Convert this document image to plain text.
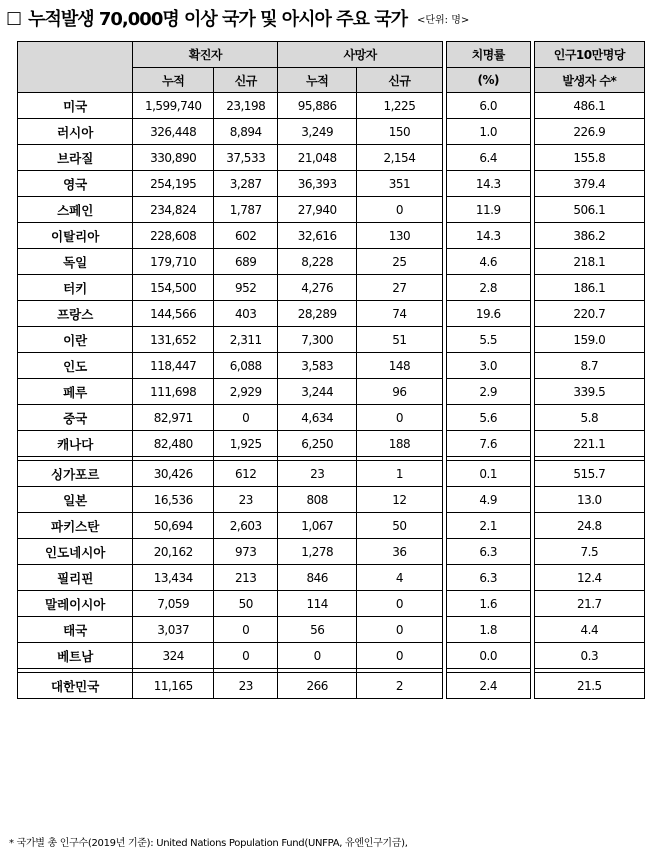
□ 누적발생 70,000명 이상 국가 및 아시아 주요 국가 <단위: 명>
	확진자		사망자			치명률		인구10만명당
	누적	신규	누적	신규		(%)		발생자 수*
미국	1,599,740	23,198	95,886	1,225		6.0		486.1
러시아	326,448	8,894	3,249	150		1.0		226.9
브라질	330,890	37,533	21,048	2,154		6.4		155.8
영국	254,195	3,287	36,393	351		14.3		379.4
스페인	234,824	1,787	27,940	0		11.9		506.1
이탈리아	228,608	602	32,616	130		14.3		386.2
독일	179,710	689	8,228	25		4.6		218.1
터키	154,500	952	4,276	27		2.8		186.1
프랑스	144,566	403	28,289	74		19.6		220.7
이란	131,652	2,311	7,300	51		5.5		159.0
인도	118,447	6,088	3,583	148		3.0		8.7
페루	111,698	2,929	3,244	96		2.9		339.5
중국	82,971	0	4,634	0		5.6		5.8
캐나다	82,480	1,925	6,250	188		7.6		221.1

싱가포르	30,426	612	23	1		0.1		515.7
일본	16,536	23	808	12		4.9		13.0
파키스탄	50,694	2,603	1,067	50		2.1		24.8
인도네시아	20,162	973	1,278	36		6.3		7.5
필리핀	13,434	213	846	4		6.3		12.4
말레이시아	7,059	50	114	0		1.6		21.7
태국	3,037	0	56	0		1.8		4.4
베트남	324	0	0	0		0.0		0.3

대한민국	11,165	23	266	2		2.4		21.5
* 국가별 총 인구수(2019년 기준): United Nations Population Fund(UNFPA, 유엔인구기금),
